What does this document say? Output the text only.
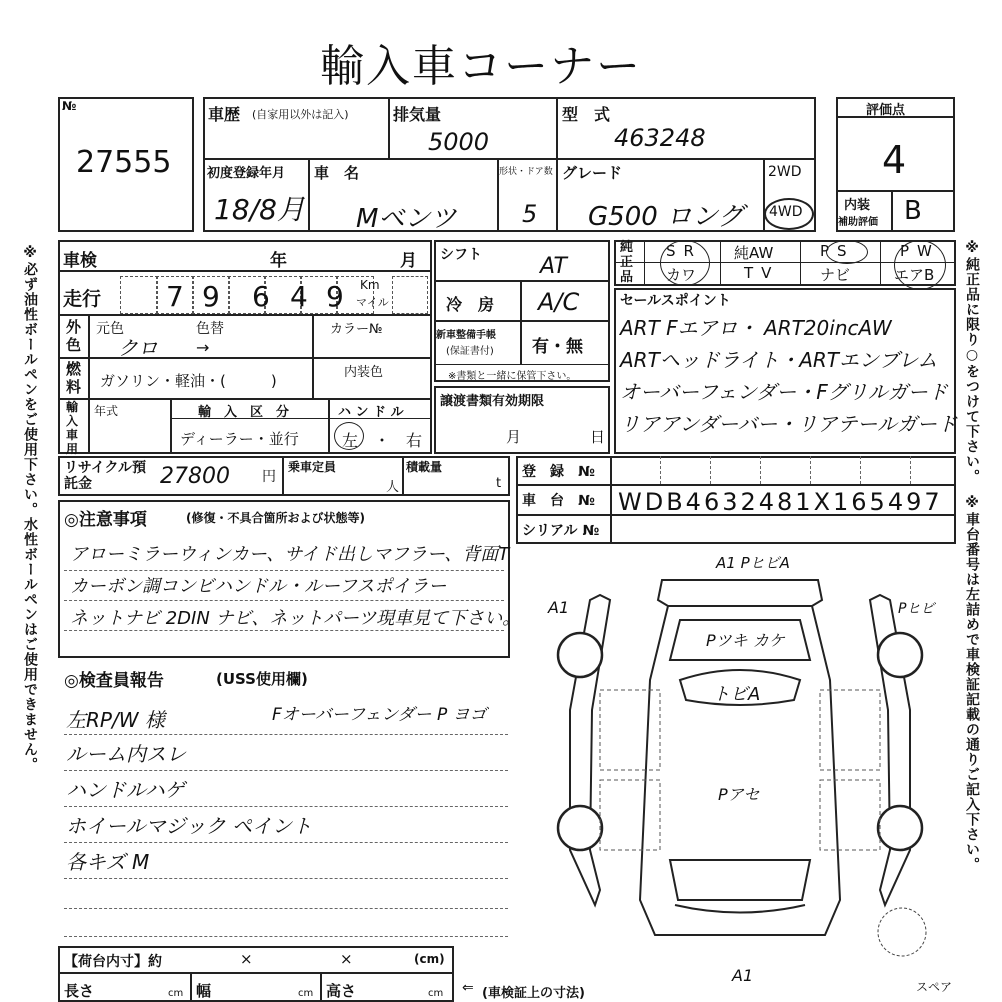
輸入車コーナー
※必ず油性ボールペンをご使用下さい。水性ボールペンはご使用できません。	※純正品に限り○をつけて下さい。
※車台番号は左詰めで車検証記載の通りご記入下さい。
№
27555
車歴 (自家用以外は記入)	排気量
5000
型　式
463248
初度登録年月
18/8月
車　名
Mベンツ
形状・ドア数
5
グレード
G500 ロング
2WD
4WD
評価点
4
内装
補助評価 B
車検	年	月
走行 7 9 6 4 9 Km
マイル
外色
元色	色替
クロ →
カラー№
燃料 ガソリン・軽油・(　　　)	内装色
輸入車用
年式	輸　入　区　分
ディーラー・並行
ハ ン ド ル
左　・　右
シフト	AT
冷　房 A/C
新車整備手帳
(保証書付) 有・無
※書類と一緒に保管下さい。
譲渡書類有効期限
月	日
純正品
SR 純AW	PS	PW
カワ	TV	ナビ	エアB
セールスポイント
ART Fエアロ・ ART20incAW
ARTヘッドライト・ARTエンブレム
オーバーフェンダー・Fグリルガード
リアアンダーバー・リアテールガード
リサイクル預託金	27800 円
乗車定員
人
積載量
t
登　録　№
車　台　№ WDB4632481X165497
シリアル №
◎注意事項	(修復・不具合箇所および状態等)
アローミラーウィンカー、サイド出しマフラー、背面T
カーボン調コンビハンドル・ルーフスポイラー
ネットナビ 2DIN ナビ、ネットパーツ現車見て下さい。
◎検査員報告	(USS使用欄)
左RP/W 様	Fオーバーフェンダー P ヨゴ
ルーム内スレ
ハンドルハゲ
ホイールマジック ペイント
各キズ M
A1 PヒビA
A1	Pヒビ
Pツキ カケ
トビA
Pアセ
A1
スペア
【荷台内寸】約	×	×	(cm)
長さ	cm 幅	cm 高さ	cm ⇐ (車検証上の寸法)
